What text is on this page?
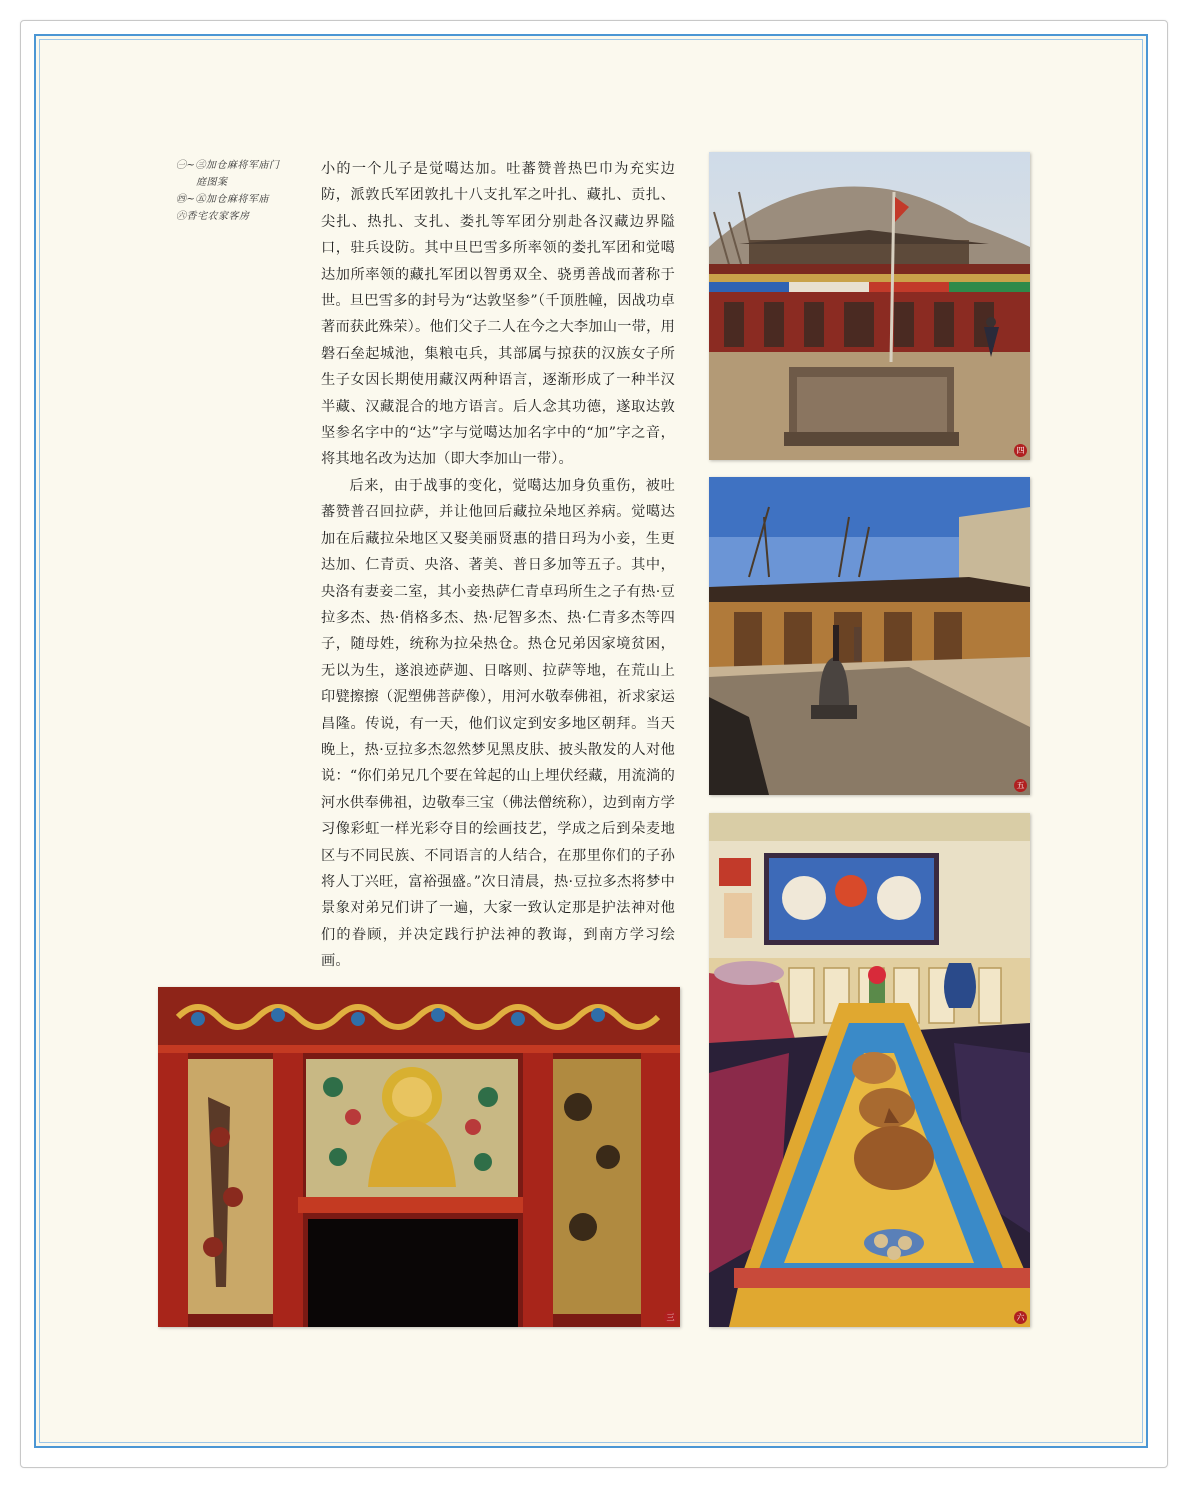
㊀~㊂加仓麻将军庙门
庭图案
㊃~㊄加仓麻将军庙
㊅香宅农家客房

小的一个儿子是觉噶达加。吐蕃赞普热巴巾为充实边防，派敦氏军团敦扎十八支扎军之叶扎、藏扎、贡扎、尖扎、热扎、支扎、娄扎等军团分别赴各汉藏边界隘口，驻兵设防。其中旦巴雪多所率领的娄扎军团和觉噶达加所率领的藏扎军团以智勇双全、骁勇善战而著称于世。旦巴雪多的封号为“达敦坚参”（千顶胜幢，因战功卓著而获此殊荣）。他们父子二人在今之大李加山一带，用磐石垒起城池，集粮屯兵，其部属与掠获的汉族女子所生子女因长期使用藏汉两种语言，逐渐形成了一种半汉半藏、汉藏混合的地方语言。后人念其功德，遂取达敦坚参名字中的“达”字与觉噶达加名字中的“加”字之音，将其地名改为达加（即大李加山一带）。

后来，由于战事的变化，觉噶达加身负重伤，被吐蕃赞普召回拉萨，并让他回后藏拉朵地区养病。觉噶达加在后藏拉朵地区又娶美丽贤惠的措日玛为小妾，生更达加、仁青贡、央洛、著美、普日多加等五子。其中，央洛有妻妾二室，其小妾热萨仁青卓玛所生之子有热·豆拉多杰、热·俏格多杰、热·尼智多杰、热·仁青多杰等四子，随母姓，统称为拉朵热仓。热仓兄弟因家境贫困，无以为生，遂浪迹萨迦、日喀则、拉萨等地，在荒山上印甓擦擦（泥塑佛菩萨像），用河水敬奉佛祖，祈求家运昌隆。传说，有一天，他们议定到安多地区朝拜。当天晚上，热·豆拉多杰忽然梦见黑皮肤、披头散发的人对他说：“你们弟兄几个要在耸起的山上埋伏经藏，用流淌的河水供奉佛祖，边敬奉三宝（佛法僧统称），边到南方学习像彩虹一样光彩夺目的绘画技艺，学成之后到朵麦地区与不同民族、不同语言的人结合，在那里你们的子孙将人丁兴旺，富裕强盛。”次日清晨，热·豆拉多杰将梦中景象对弟兄们讲了一遍，大家一致认定那是护法神对他们的眷顾，并决定践行护法神的教诲，到南方学习绘画。

四
五
六
三
